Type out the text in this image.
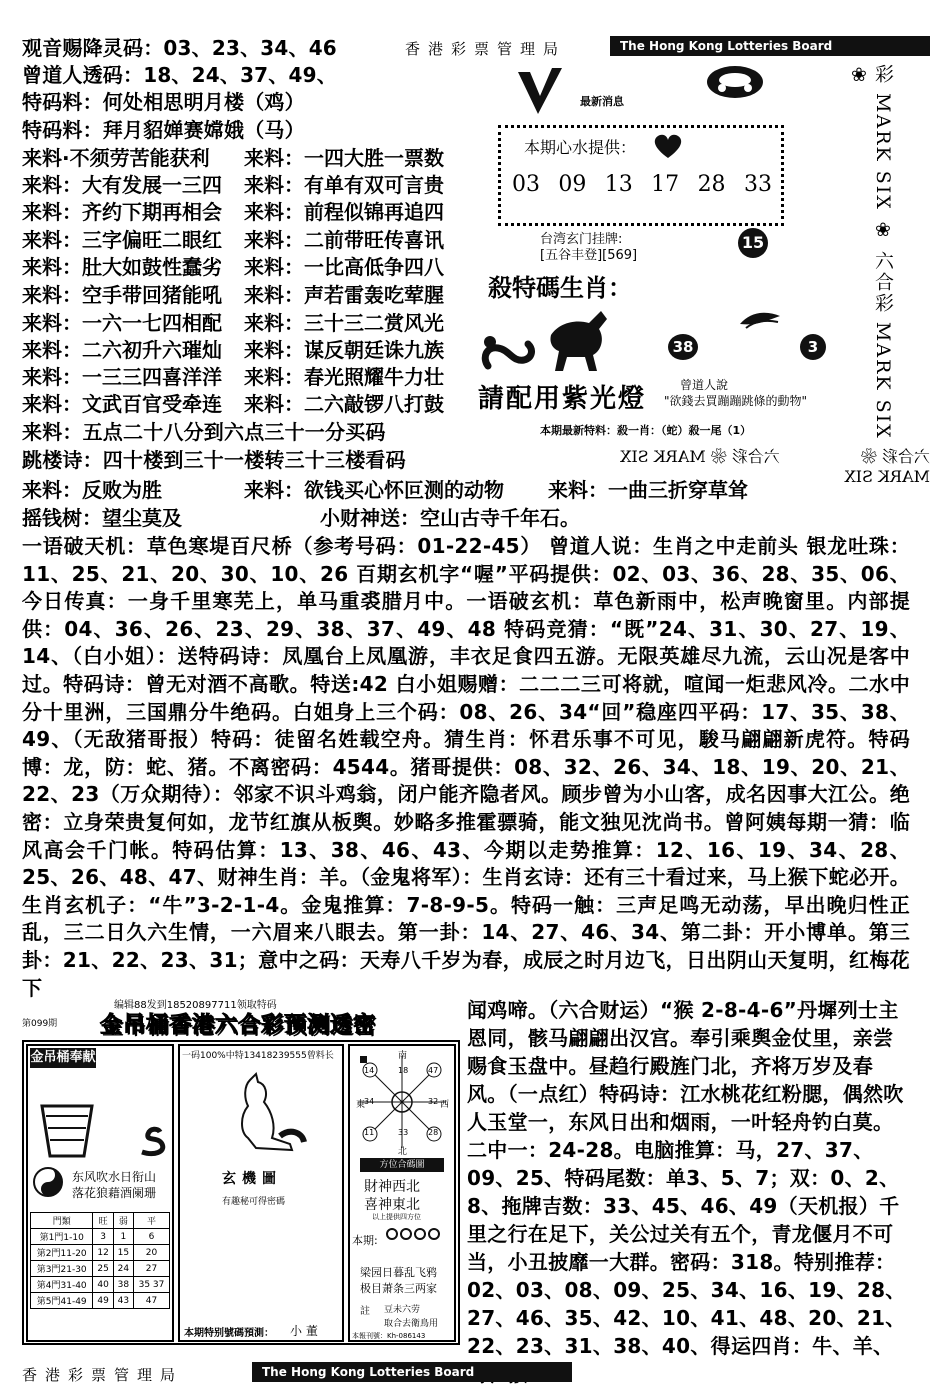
观音赐降灵码：03、23、34、46
曾道人透码：18、24、37、49、
特码料：何处相思明月楼（鸡）
特码料：拜月貂婵赛嫦娥（马）
来料·不须劳苦能获利 来料：一四大胜一票数
来料：大有发展一三四 来料：有单有双可言贵
来料：齐约下期再相会 来料：前程似锦再追四
来料：三字偏旺二眼红 来料：二前带旺传喜讯
来料：肚大如鼓性蠢劣 来料：一比高低争四八
来料：空手带回猪能吼 来料：声若雷轰吃荤腥
来料：一六一七四相配 来料：三十三二赏风光
来料：二六初升六璀灿 来料：谋反朝廷诛九族
来料：一三三四喜洋洋 来料：春光照耀牛力壮
来料：文武百官受牵连 来料：二六敲锣八打鼓
来料：五点二十八分到六点三十一分买码
跳楼诗：四十楼到三十一楼转三十三楼看码
来料：反败为胜	来料：欲钱买心怀叵测的动物 来料：一曲三折穿草耸
摇钱树：望尘莫及	小财神送：空山古寺千年石。
一语破天机：草色寒堤百尺桥（参考号码：01-22-45） 曾道人说：生肖之中走前头 银龙吐珠：11、25、21、20、30、10、26 百期玄机字“喔”平码提供：02、03、36、28、35、06、今日传真：一身千里寒芜上，单马重裘腊月中。一语破玄机：草色新雨中，松声晚窗里。内部提供：04、36、26、23、29、38、37、49、48 特码竞猜：“既”24、31、30、27、19、14、（白小姐）：送特码诗：凤凰台上凤凰游，丰衣足食四五游。无限英雄尽九流，云山况是客中过。特码诗：曾无对酒不高歌。特送:42 白小姐赐赠：二二二三可将就，喧闻一炬悲风冷。二水中分十里洲，三国鼎分牛绝码。白姐身上三个码：08、26、34“回”稳座四平码：17、35、38、49、（无敌猪哥报）特码：徒留名姓载空舟。猜生肖：怀君乐事不可见，駿马翩翩新虎符。特码博：龙，防：蛇、猪。不离密码：4544。猪哥提供：08、32、26、34、18、19、20、21、22、23（万众期待）：邻家不识斗鸡翁，闭户能齐隐者风。顾步曾为小山客，成名因事大江公。绝密：立身荣贵复何如，龙节红旗从板舆。妙略多推霍骠骑，能文独见沈尚书。曾阿姨每期一猜：临风高会千门帐。特码估算：13、38、46、43、今期以走势推算：12、16、19、34、28、25、26、48、47、财神生肖：羊。（金鬼将军）：生肖玄诗：还有三十看过来，马上猴下蛇必开。生肖玄机子：“牛”3-2-1-4。金鬼推算：7-8-9-5。特码一触：三声足鸣无动荡，早出晚归性正乱，三二日久六生情，一六眉来八眼去。第一卦：14、27、46、34、第二卦：开小博单。第三卦：21、22、23、31；意中之码：天寿八千岁为春，成辰之时月边飞，日出阴山天复明，红梅花下
香港彩票管理局	The Hong Kong Lotteries Board
彩 MARK SIX ❀ 六合彩 MARK SIX ❀
最新消息
本期心水提供：
03 09 13 17 28 33
台湾玄门挂牌:
[五谷丰登][569]
15
殺特碼生肖：
38	3
請配用紫光燈	曾道人說
"欲錢去買蹦蹦跳條的動物"
本期最新特料：殺一肖：（蛇）殺一尾（1）
六合彩 ❀ MARK SIX	六合彩 ❀ MARK SIX
编辑88发到18520897711领取特码
第099期 金吊桶香港六合彩预测透密
金吊桶奉献
东风吹水日衔山
落花狼藉酒阑珊
門類	旺	弱	平
第1門1-10	3	1	6
第2門11-20	12	15	20
第3門21-30	25	24	27
第4門31-40	40	38	35 37
第5門41-49	49	43	47
一码100%中特13418239555曾料长
玄機圖
有趣秘可得密碼
本期特别號碼預測： 小 董
南
東	西
北
14	18 47
34	32
11	33 28
方位合碼圖
財神西北
喜神東北
以上提供四方位
本期:
梁园日暮乱飞鸦
极目萧条三两家
註 豆未六劳
取合去衛鳥用
本報刊號：Kh-086143
闻鸡啼。（六合财运）“猴 2-8-4-6”丹墀列士主恩同，骸马翩翩出汉宫。奉引乘舆金仗里，亲尝赐食玉盘中。昼趋行殿旌门北，齐将万岁及春风。（一点红）特码诗：江水桃花红粉腮，偶然吹人玉堂一，东风日出和烟雨，一叶轻舟钓白莫。二中一：24-28。电脑推算：马，27、37、09、25、特码尾数：单3、5、7；双：0、2、8、拖牌吉数：33、45、46、49（天机报）千里之行在足下，关公过关有五个，青龙偃月不可当，小丑披靡一大群。密码：318。特别推荐：02、03、08、09、25、34、16、19、28、27、46、35、42、10、41、48、20、21、22、23、31、38、40、得运四肖：牛、羊、
香港彩票管理局	The Hong Kong Lotteries Board
